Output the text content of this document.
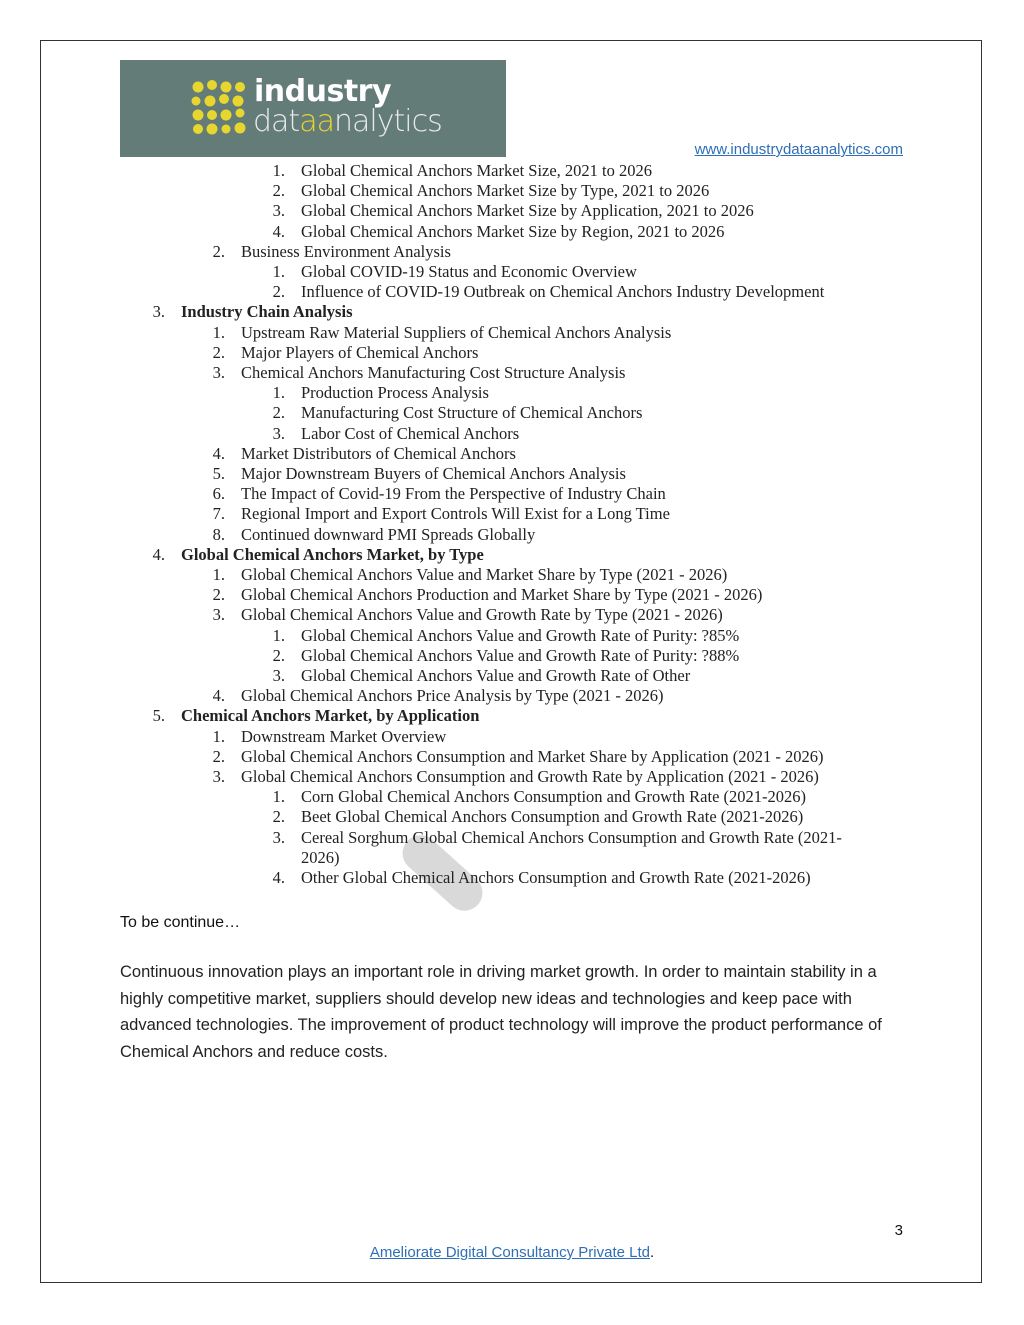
industry
dataanalytics
www.industrydataanalytics.com
1. Global Chemical Anchors Market Size, 2021 to 2026
2. Global Chemical Anchors Market Size by Type, 2021 to 2026
3. Global Chemical Anchors Market Size by Application, 2021 to 2026
4. Global Chemical Anchors Market Size by Region, 2021 to 2026
2. Business Environment Analysis
1. Global COVID-19 Status and Economic Overview
2. Influence of COVID-19 Outbreak on Chemical Anchors Industry Development
3. Industry Chain Analysis
1. Upstream Raw Material Suppliers of Chemical Anchors Analysis
2. Major Players of Chemical Anchors
3. Chemical Anchors Manufacturing Cost Structure Analysis
1. Production Process Analysis
2. Manufacturing Cost Structure of Chemical Anchors
3. Labor Cost of Chemical Anchors
4. Market Distributors of Chemical Anchors
5. Major Downstream Buyers of Chemical Anchors Analysis
6. The Impact of Covid-19 From the Perspective of Industry Chain
7. Regional Import and Export Controls Will Exist for a Long Time
8. Continued downward PMI Spreads Globally
4. Global Chemical Anchors Market, by Type
1. Global Chemical Anchors Value and Market Share by Type (2021 - 2026)
2. Global Chemical Anchors Production and Market Share by Type (2021 - 2026)
3. Global Chemical Anchors Value and Growth Rate by Type (2021 - 2026)
1. Global Chemical Anchors Value and Growth Rate of Purity: ?85%
2. Global Chemical Anchors Value and Growth Rate of Purity: ?88%
3. Global Chemical Anchors Value and Growth Rate of Other
4. Global Chemical Anchors Price Analysis by Type (2021 - 2026)
5. Chemical Anchors Market, by Application
1. Downstream Market Overview
2. Global Chemical Anchors Consumption and Market Share by Application (2021 - 2026)
3. Global Chemical Anchors Consumption and Growth Rate by Application (2021 - 2026)
1. Corn Global Chemical Anchors Consumption and Growth Rate (2021-2026)
2. Beet Global Chemical Anchors Consumption and Growth Rate (2021-2026)
3. Cereal Sorghum Global Chemical Anchors Consumption and Growth Rate (2021-
2026)
4. Other Global Chemical Anchors Consumption and Growth Rate (2021-2026)
To be continue…
Continuous innovation plays an important role in driving market growth. In order to maintain stability in a highly competitive market, suppliers should develop new ideas and technologies and keep pace with advanced technologies. The improvement of product technology will improve the product performance of Chemical Anchors and reduce costs.
3
Ameliorate Digital Consultancy Private Ltd.
